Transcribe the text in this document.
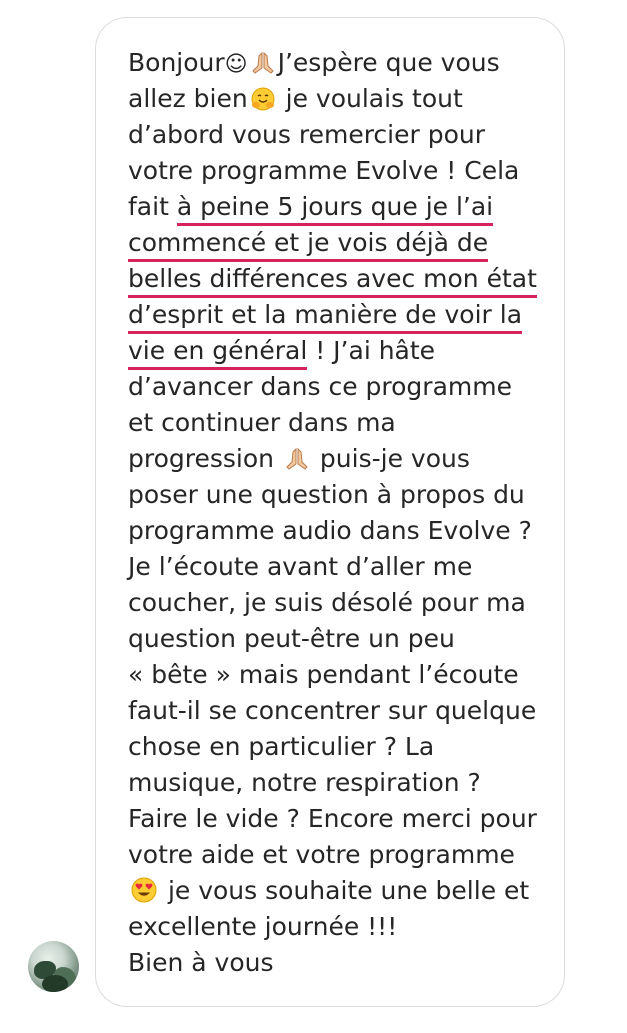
Bonjour☺ J’espère que vous
allez bien je voulais tout
d’abord vous remercier pour
votre programme Evolve ! Cela
fait à peine 5 jours que je l’ai
commencé et je vois déjà de
belles différences avec mon état
d’esprit et la manière de voir la
vie en général ! J’ai hâte
d’avancer dans ce programme
et continuer dans ma
progression  puis-je vous
poser une question à propos du
programme audio dans Evolve ?
Je l’écoute avant d’aller me
coucher, je suis désolé pour ma
question peut-être un peu
« bête » mais pendant l’écoute
faut-il se concentrer sur quelque
chose en particulier ? La
musique, notre respiration ?
Faire le vide ? Encore merci pour
votre aide et votre programme
je vous souhaite une belle et
excellente journée !!!
Bien à vous
